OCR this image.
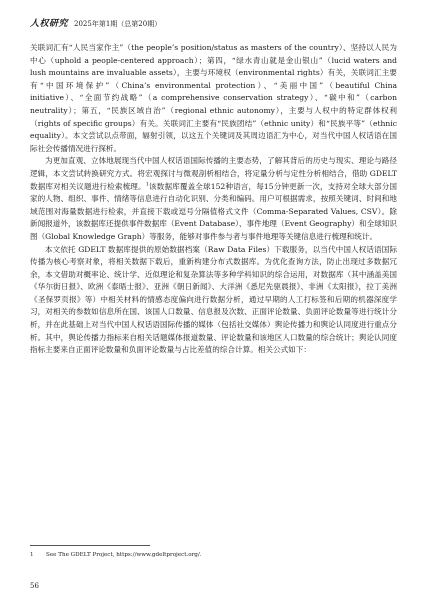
人权研究 2025年第1期（总第20期）

关联词汇有“人民当家作主”（the people’s position/status as masters of the country）、坚持以人民为中心（uphold a people-centered approach）；第四，“绿水青山就是金山银山”（lucid waters and lush mountains are invaluable assets），主要与环境权（environmental rights）有关，关联词汇主要有“中国环境保护”（China’s environmental protection）、“美丽中国”（beautiful China initiative）、“全面节约战略”（a comprehensive conservation strategy）、“碳中和”（carbon neutrality）；第五，“民族区域自治”（regional ethnic autonomy），主要与人权中的特定群体权利（rights of specific groups）有关。关联词汇主要有“民族团结”（ethnic unity）和“民族平等”（ethnic equality）。本文尝试以点带面，辐射引领，以这五个关键词及其周边语汇为中心，对当代中国人权话语在国际社会传播情况进行探析。

为更加直观、立体地展现当代中国人权话语国际传播的主要态势，了解其背后的历史与现实、理论与路径逻辑，本文尝试转换研究方式。将宏观探讨与微观剖析相结合，将定量分析与定性分析相结合，借助 GDELT 数据库对相关议题进行检索梳理。$^1$该数据库覆盖全球152种语言，每15分钟更新一次，支持对全球大部分国家的人物、组织、事件、情绪等信息进行自动化识别、分类和编码。用户可根据需求，按照关键词、时间和地域范围对海量数据进行检索，并直接下载或逗号分隔值格式文件（Comma-Separated Values, CSV）。除新闻报道外，该数据库还提供事件数据库（Event Database）、事件地理（Event Geography）和全球知识图（Global Knowledge Graph）等服务，能够对事件参与者与事件地理等关键信息进行梳理和统计。

本文依托 GDELT 数据库提供的原始数据档案（Raw Data Files）下载服务，以当代中国人权话语国际传播为核心考察对象，将相关数据下载后，重新构建分布式数据库。为优化查询方法，防止出现过多数据冗余，本文借助对概率论、统计学、近似理论和复杂算法等多种学科知识的综合运用，对数据库（其中涵盖美国《华尔街日报》、欧洲《泰晤士报》、亚洲《朝日新闻》、大洋洲《悉尼先驱晨报》、非洲《太阳报》，拉丁美洲《圣保罗页报》等）中相关材料的情感态度偏向进行数据分析，通过早期的人工打标签和后期的机器深度学习，对相关的参数如信息所在国、该国人口数量、信息报及次数、正面评论数量、负面评论数量等进行统计分析，并在此基础上对当代中国人权话语国际传播的媒体（包括社交媒体）舆论传播力和舆论认同度进行重点分析。其中，舆论传播力指标来自相关话题媒体报道数量、评论数量和该地区人口数量的综合统计；舆论认同度指标主要来自正面评论数量和负面评论数量与占比差值的综合计算。相关公式如下：

1 See The GDELT Project, https://www.gdeltproject.org/.
56
